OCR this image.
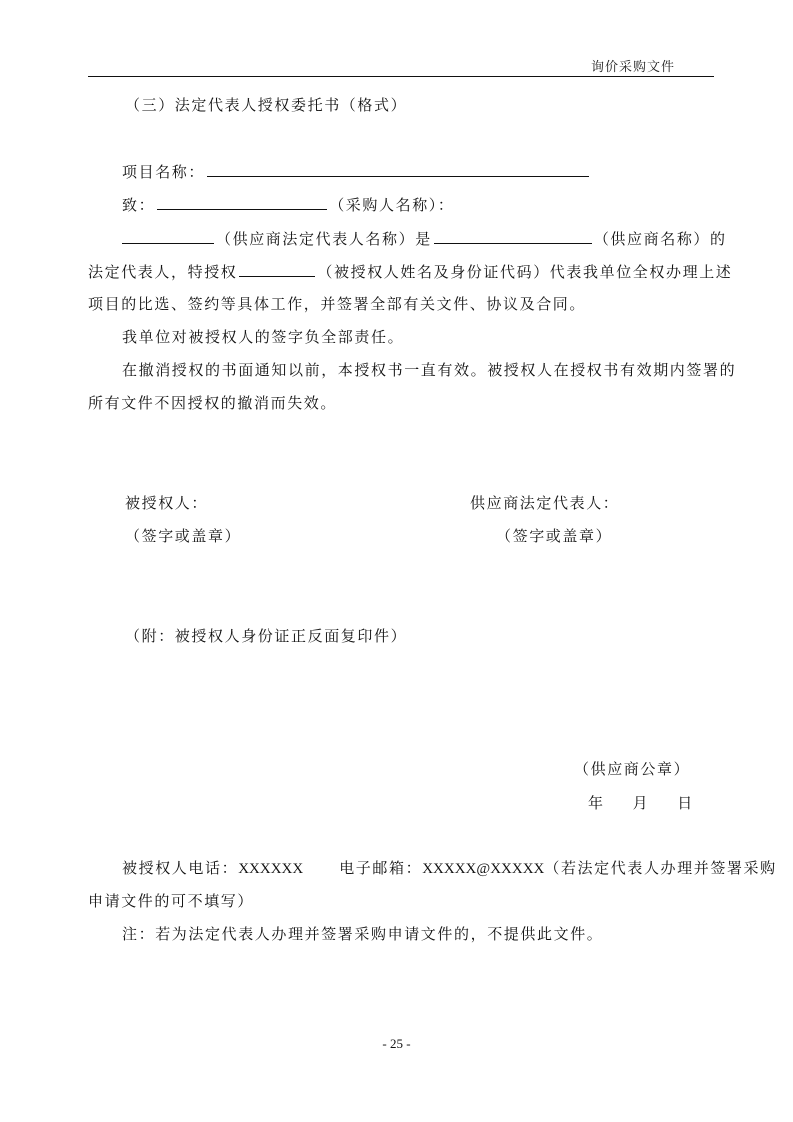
询价采购文件
（三）法定代表人授权委托书（格式）
项目名称：
致：	（采购人名称）：
（供应商法定代表人名称）是	（供应商名称）的
法定代表人，特授权	（被授权人姓名及身份证代码）代表我单位全权办理上述
项目的比选、签约等具体工作，并签署全部有关文件、协议及合同。
我单位对被授权人的签字负全部责任。
在撤消授权的书面通知以前，本授权书一直有效。被授权人在授权书有效期内签署的
所有文件不因授权的撤消而失效。
被授权人：
（签字或盖章）
供应商法定代表人：
（签字或盖章）
（附：被授权人身份证正反面复印件）
（供应商公章）
年 月 日
被授权人电话：XXXXXX 电子邮箱：XXXXX@XXXXX（若法定代表人办理并签署采购
申请文件的可不填写）
注：若为法定代表人办理并签署采购申请文件的，不提供此文件。
- 25 -
